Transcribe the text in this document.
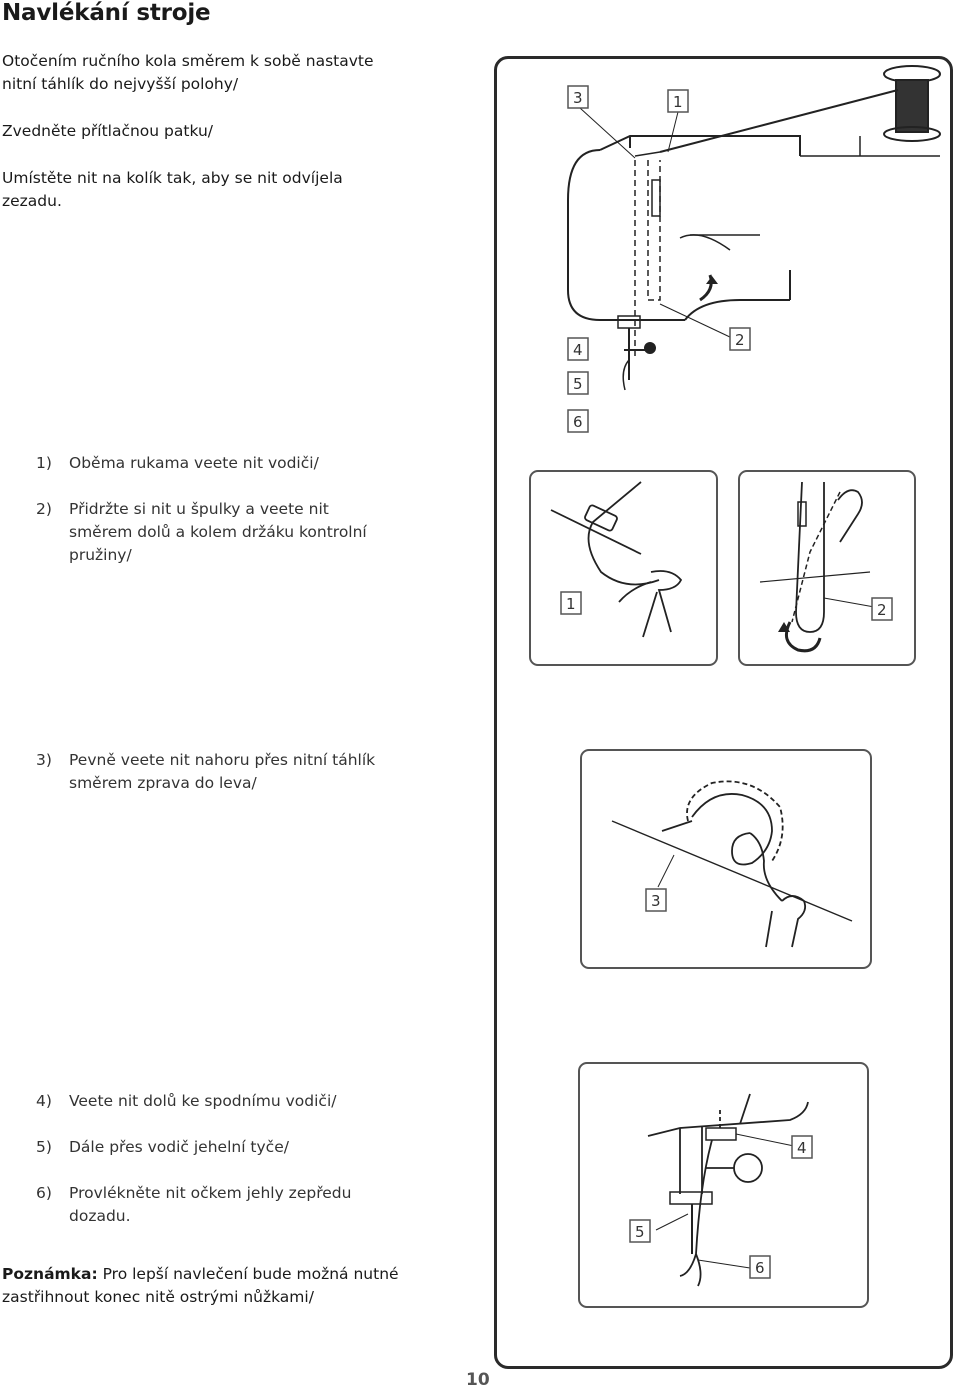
Navlékání stroje
Otočením ručního kola směrem k sobě nastavte
nitní táhlík do nejvyšší polohy/
Zvedněte přítlačnou patku/
Umístěte nit na kolík tak, aby se nit odvíjela
zezadu.
1)	Oběma rukama veete nit vodiči/
2)	Přidržte si nit u špulky a veete nit směrem dolů a kolem držáku kontrolní pružiny/
3)	Pevně veete nit nahoru přes nitní táhlík směrem zprava do leva/
4)	Veete nit dolů ke spodnímu vodiči/
5)	Dále přes vodič jehelní tyče/
6)	Provlékněte nit očkem jehly zepředu dozadu.
Poznámka: Pro lepší navlečení bude možná nutné
zastřihnout konec nitě ostrými nůžkami/
3	1
2
4
5
6
1	2
3
4
5
6
10
